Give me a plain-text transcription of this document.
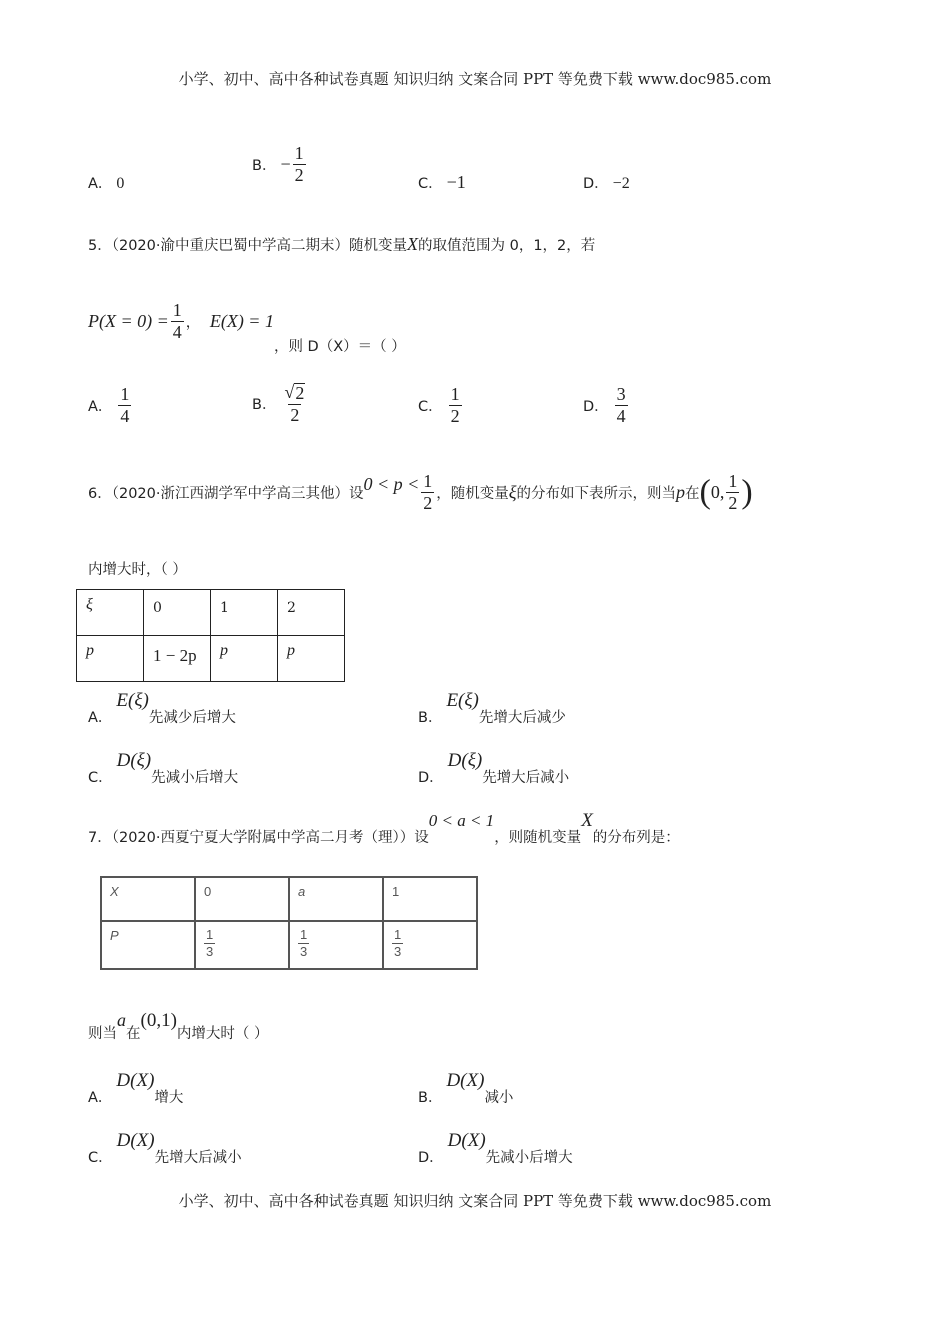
小学、初中、高中各种试卷真题 知识归纳 文案合同 PPT 等免费下载 www.doc985.com
A． 0
B． − $\frac{1}{2}$	C． −1	D． −2
5．（2020·渝中重庆巴蜀中学高二期末）随机变量X的取值范围为 0，1，2，若
$P(X = 0) = \frac{1}{4}$ ， E(X) = 1，则 D（X）＝（ ）
A． $\frac{1}{4}$	B． $\frac{√ 2}{2}$	C． $\frac{1}{2}$	D． $\frac{3}{4}$
6．（2020·浙江西湖学军中学高三其他）设$0 < p < \frac{1}{2}$ ，随机变量ξ的分布如下表所示，则当p在(0, $\frac{1}{2}$ )
内增大时，（ ）
ξ	0	1	2

p	1 − 2p	p	p
A．E(ξ)先减少后增大	B．E(ξ)先增大后减少
C．D(ξ)先减小后增大	D．D(ξ)先增大后减小
7．（2020·西夏宁夏大学附属中学高二月考（理））设0 < a < 1，则随机变量X的分布列是：
X	0	a	1
P	$\frac{1}{3}$	$\frac{1}{3}$	$\frac{1}{3}$
则当a在(0,1)内增大时（ ）
A．D(X)增大	B．D(X)减小
C．D(X)先增大后减小	D．D(X)先减小后增大
小学、初中、高中各种试卷真题 知识归纳 文案合同 PPT 等免费下载 www.doc985.com
